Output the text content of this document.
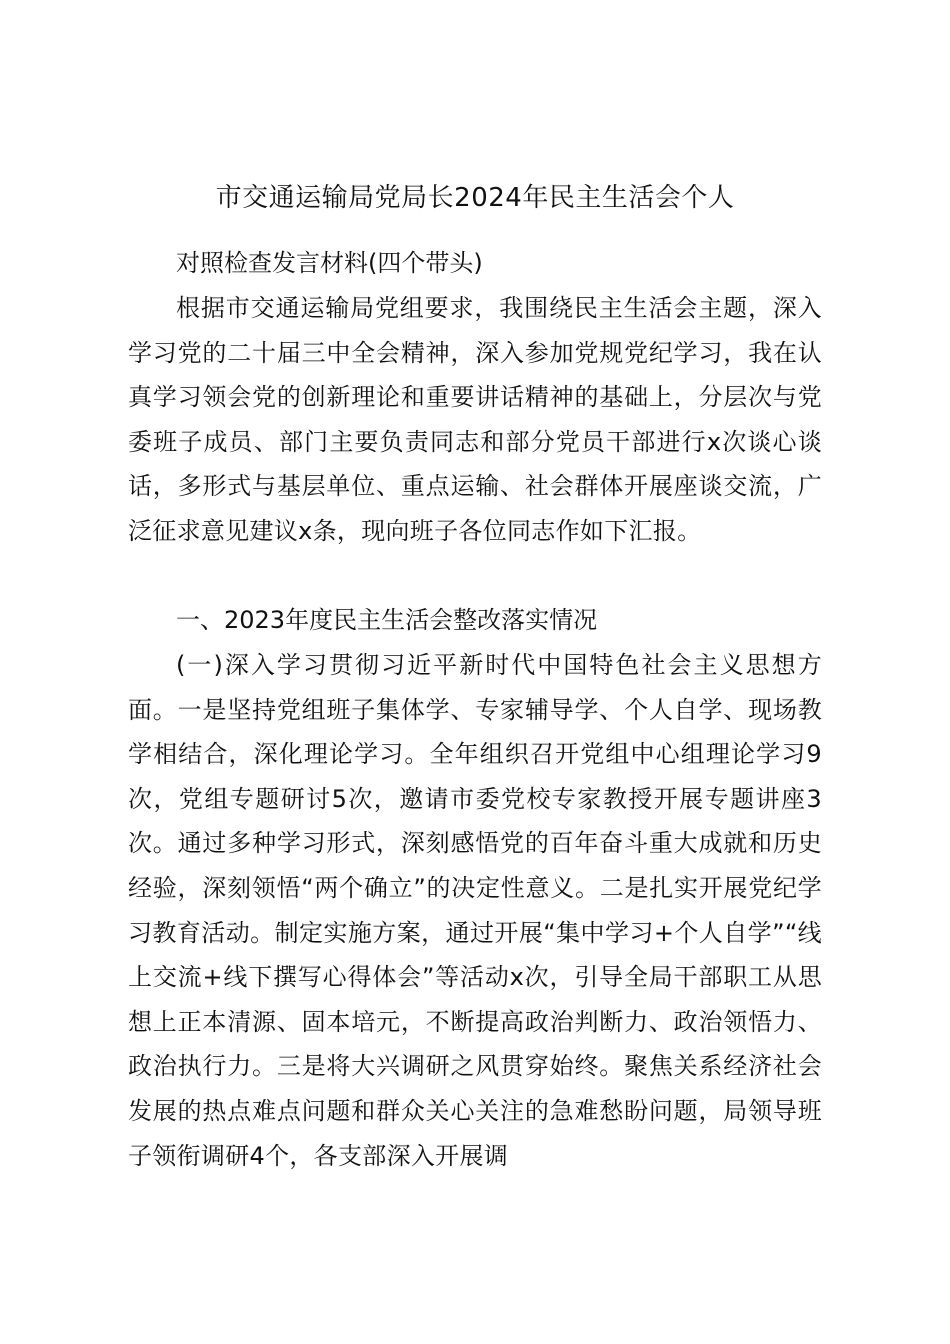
市交通运输局党局长2024年民主生活会个人
对照检查发言材料(四个带头)

根据市交通运输局党组要求，我围绕民主生活会主题，深入学习党的二十届三中全会精神，深入参加党规党纪学习，我在认真学习领会党的创新理论和重要讲话精神的基础上，分层次与党委班子成员、部门主要负责同志和部分党员干部进行x次谈心谈话，多形式与基层单位、重点运输、社会群体开展座谈交流，广泛征求意见建议x条，现向班子各位同志作如下汇报。

一、2023年度民主生活会整改落实情况

(一)深入学习贯彻习近平新时代中国特色社会主义思想方面。一是坚持党组班子集体学、专家辅导学、个人自学、现场教学相结合，深化理论学习。全年组织召开党组中心组理论学习9次，党组专题研讨5次，邀请市委党校专家教授开展专题讲座3次。通过多种学习形式，深刻感悟党的百年奋斗重大成就和历史经验，深刻领悟“两个确立”的决定性意义。二是扎实开展党纪学习教育活动。制定实施方案，通过开展“集中学习+个人自学”“线上交流+线下撰写心得体会”等活动x次，引导全局干部职工从思想上正本清源、固本培元，不断提高政治判断力、政治领悟力、政治执行力。三是将大兴调研之风贯穿始终。聚焦关系经济社会发展的热点难点问题和群众关心关注的急难愁盼问题，局领导班子领衔调研4个，各支部深入开展调
